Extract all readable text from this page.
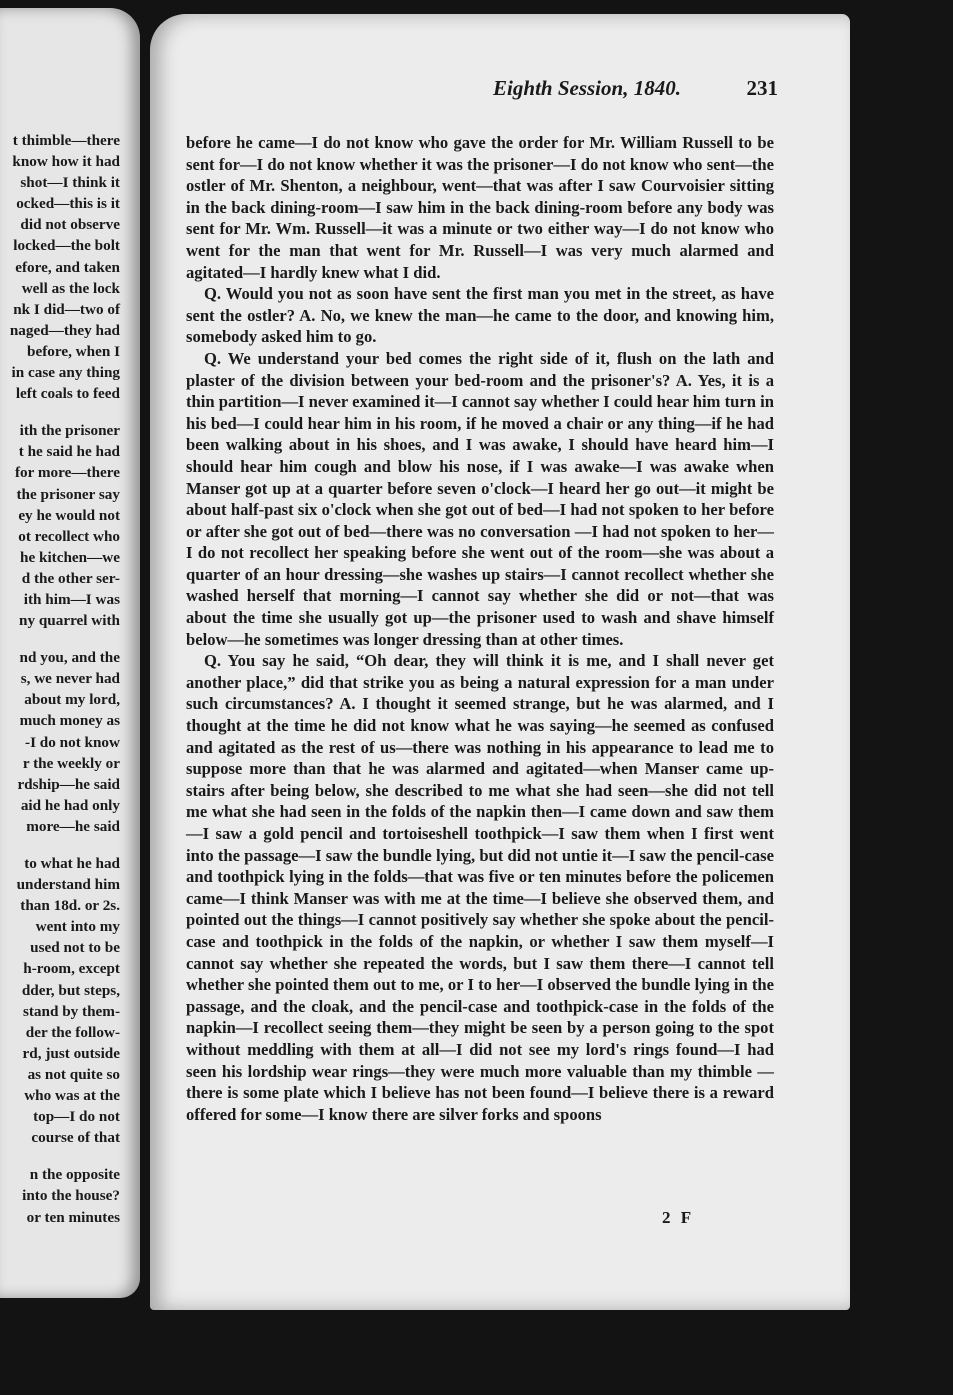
t thimble—there
know how it had
shot—I think it
ocked—this is it
did not observe
locked—the bolt
efore, and taken
well as the lock
nk I did—two of
naged—they had
before, when I
in case any thing
left coals to feed
ith the prisoner
t he said he had
for more—there
the prisoner say
ey he would not
ot recollect who
he kitchen—we
d the other ser-
ith him—I was
ny quarrel with
nd you, and the
s, we never had
about my lord,
much money as
-I do not know
r the weekly or
rdship—he said
aid he had only
more—he said
to what he had
understand him
than 18d. or 2s.
went into my
used not to be
h-room, except
dder, but steps,
stand by them-
der the follow-
rd, just outside
as not quite so
who was at the
top—I do not
course of that
n the opposite
into the house?
or ten minutes
Eighth Session, 1840.	231

before he came—I do not know who gave the order for Mr. William Russell to be sent for—I do not know whether it was the prisoner—I do not know who sent—the ostler of Mr. Shenton, a neighbour, went—that was after I saw Courvoisier sitting in the back dining-room—I saw him in the back dining-room before any body was sent for Mr. Wm. Russell—it was a minute or two either way—I do not know who went for the man that went for Mr. Russell—I was very much alarmed and agitated—I hardly knew what I did.

Q. Would you not as soon have sent the first man you met in the street, as have sent the ostler? A. No, we knew the man—he came to the door, and knowing him, somebody asked him to go.

Q. We understand your bed comes the right side of it, flush on the lath and plaster of the division between your bed-room and the prisoner's? A. Yes, it is a thin partition—I never examined it—I cannot say whether I could hear him turn in his bed—I could hear him in his room, if he moved a chair or any thing—if he had been walking about in his shoes, and I was awake, I should have heard him—I should hear him cough and blow his nose, if I was awake—I was awake when Manser got up at a quarter before seven o'clock—I heard her go out—it might be about half-past six o'clock when she got out of bed—I had not spoken to her before or after she got out of bed—there was no conversation —I had not spoken to her—I do not recollect her speaking before she went out of the room—she was about a quarter of an hour dressing—she washes up stairs—I cannot recollect whether she washed herself that morning—I cannot say whether she did or not—that was about the time she usually got up—the prisoner used to wash and shave himself below—he sometimes was longer dressing than at other times.

Q. You say he said, “Oh dear, they will think it is me, and I shall never get another place,” did that strike you as being a natural expression for a man under such circumstances? A. I thought it seemed strange, but he was alarmed, and I thought at the time he did not know what he was saying—he seemed as confused and agitated as the rest of us—there was nothing in his appearance to lead me to suppose more than that he was alarmed and agitated—when Manser came up-stairs after being below, she described to me what she had seen—she did not tell me what she had seen in the folds of the napkin then—I came down and saw them—I saw a gold pencil and tortoiseshell toothpick—I saw them when I first went into the passage—I saw the bundle lying, but did not untie it—I saw the pencil-case and toothpick lying in the folds—that was five or ten minutes before the policemen came—I think Manser was with me at the time—I believe she observed them, and pointed out the things—I cannot positively say whether she spoke about the pencil-case and toothpick in the folds of the napkin, or whether I saw them myself—I cannot say whether she repeated the words, but I saw them there—I cannot tell whether she pointed them out to me, or I to her—I observed the bundle lying in the passage, and the cloak, and the pencil-case and toothpick-case in the folds of the napkin—I recollect seeing them—they might be seen by a person going to the spot without meddling with them at all—I did not see my lord's rings found—I had seen his lordship wear rings—they were much more valuable than my thimble —there is some plate which I believe has not been found—I believe there is a reward offered for some—I know there are silver forks and spoons

2 F
